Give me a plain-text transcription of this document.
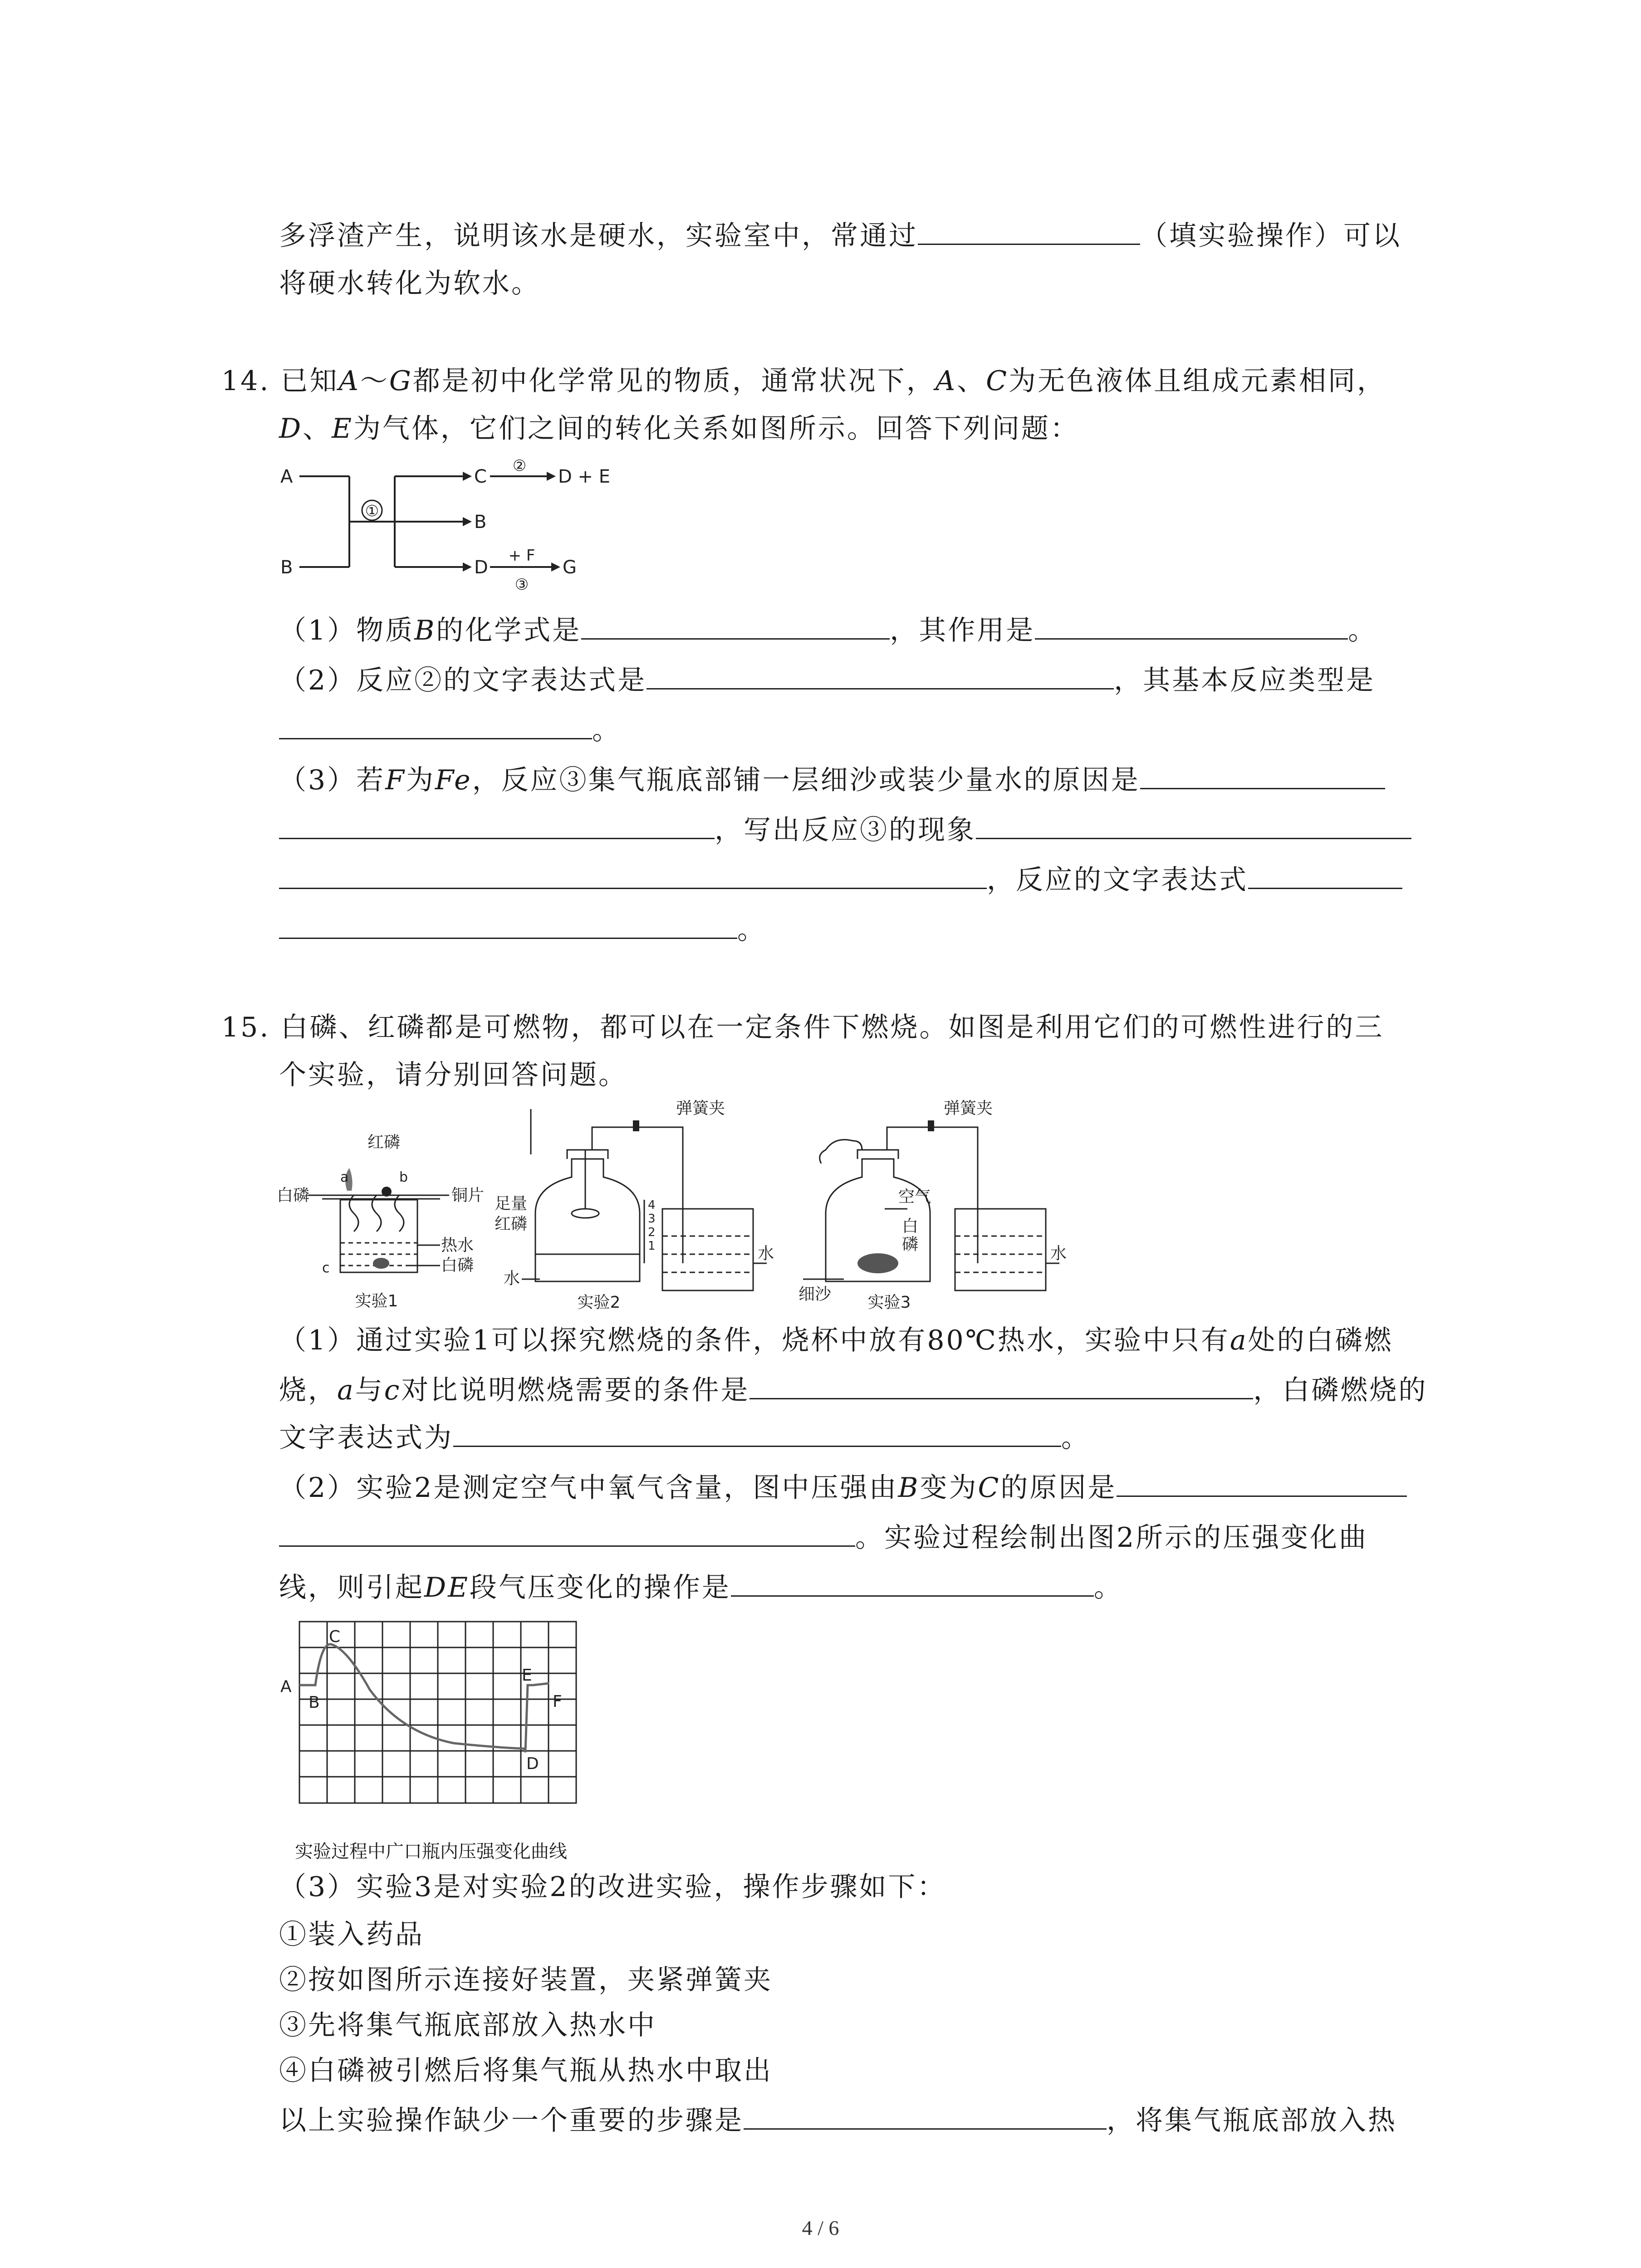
多浮渣产生，说明该水是硬水，实验室中，常通过	（填实验操作）可以
将硬水转化为软水。
14. 已知A～G都是初中化学常见的物质，通常状况下，A、C为无色液体且组成元素相同，
D、E为气体，它们之间的转化关系如图所示。回答下列问题：
A
B
①
C
②
D + E
B
D
+ F
③
G
（1）物质B的化学式是	，其作用是	。
（2）反应②的文字表达式是	，其基本反应类型是
。
（3）若F为Fe，反应③集气瓶底部铺一层细沙或装少量水的原因是
，写出反应③的现象
，反应的文字表达式
。
15. 白磷、红磷都是可燃物，都可以在一定条件下燃烧。如图是利用它们的可燃性进行的三
个实验，请分别回答问题。
红磷
白磷
a	b
铜片
热水
c	白磷
实验1
弹簧夹
足量
红磷
水
水
4
3
2
1
实验2
弹簧夹
空气
白
磷
细沙
水
实验3
（1）通过实验1可以探究燃烧的条件，烧杯中放有80℃热水，实验中只有a处的白磷燃
烧，a与c对比说明燃烧需要的条件是	，白磷燃烧的
文字表达式为	。
（2）实验2是测定空气中氧气含量，图中压强由B变为C的原因是
。实验过程绘制出图2所示的压强变化曲
线，则引起DE段气压变化的操作是	。
A
B
C
D
E
F
实验过程中广口瓶内压强变化曲线
（3）实验3是对实验2的改进实验，操作步骤如下：
①装入药品
②按如图所示连接好装置，夹紧弹簧夹
③先将集气瓶底部放入热水中
④白磷被引燃后将集气瓶从热水中取出
以上实验操作缺少一个重要的步骤是	，将集气瓶底部放入热
4 / 6
